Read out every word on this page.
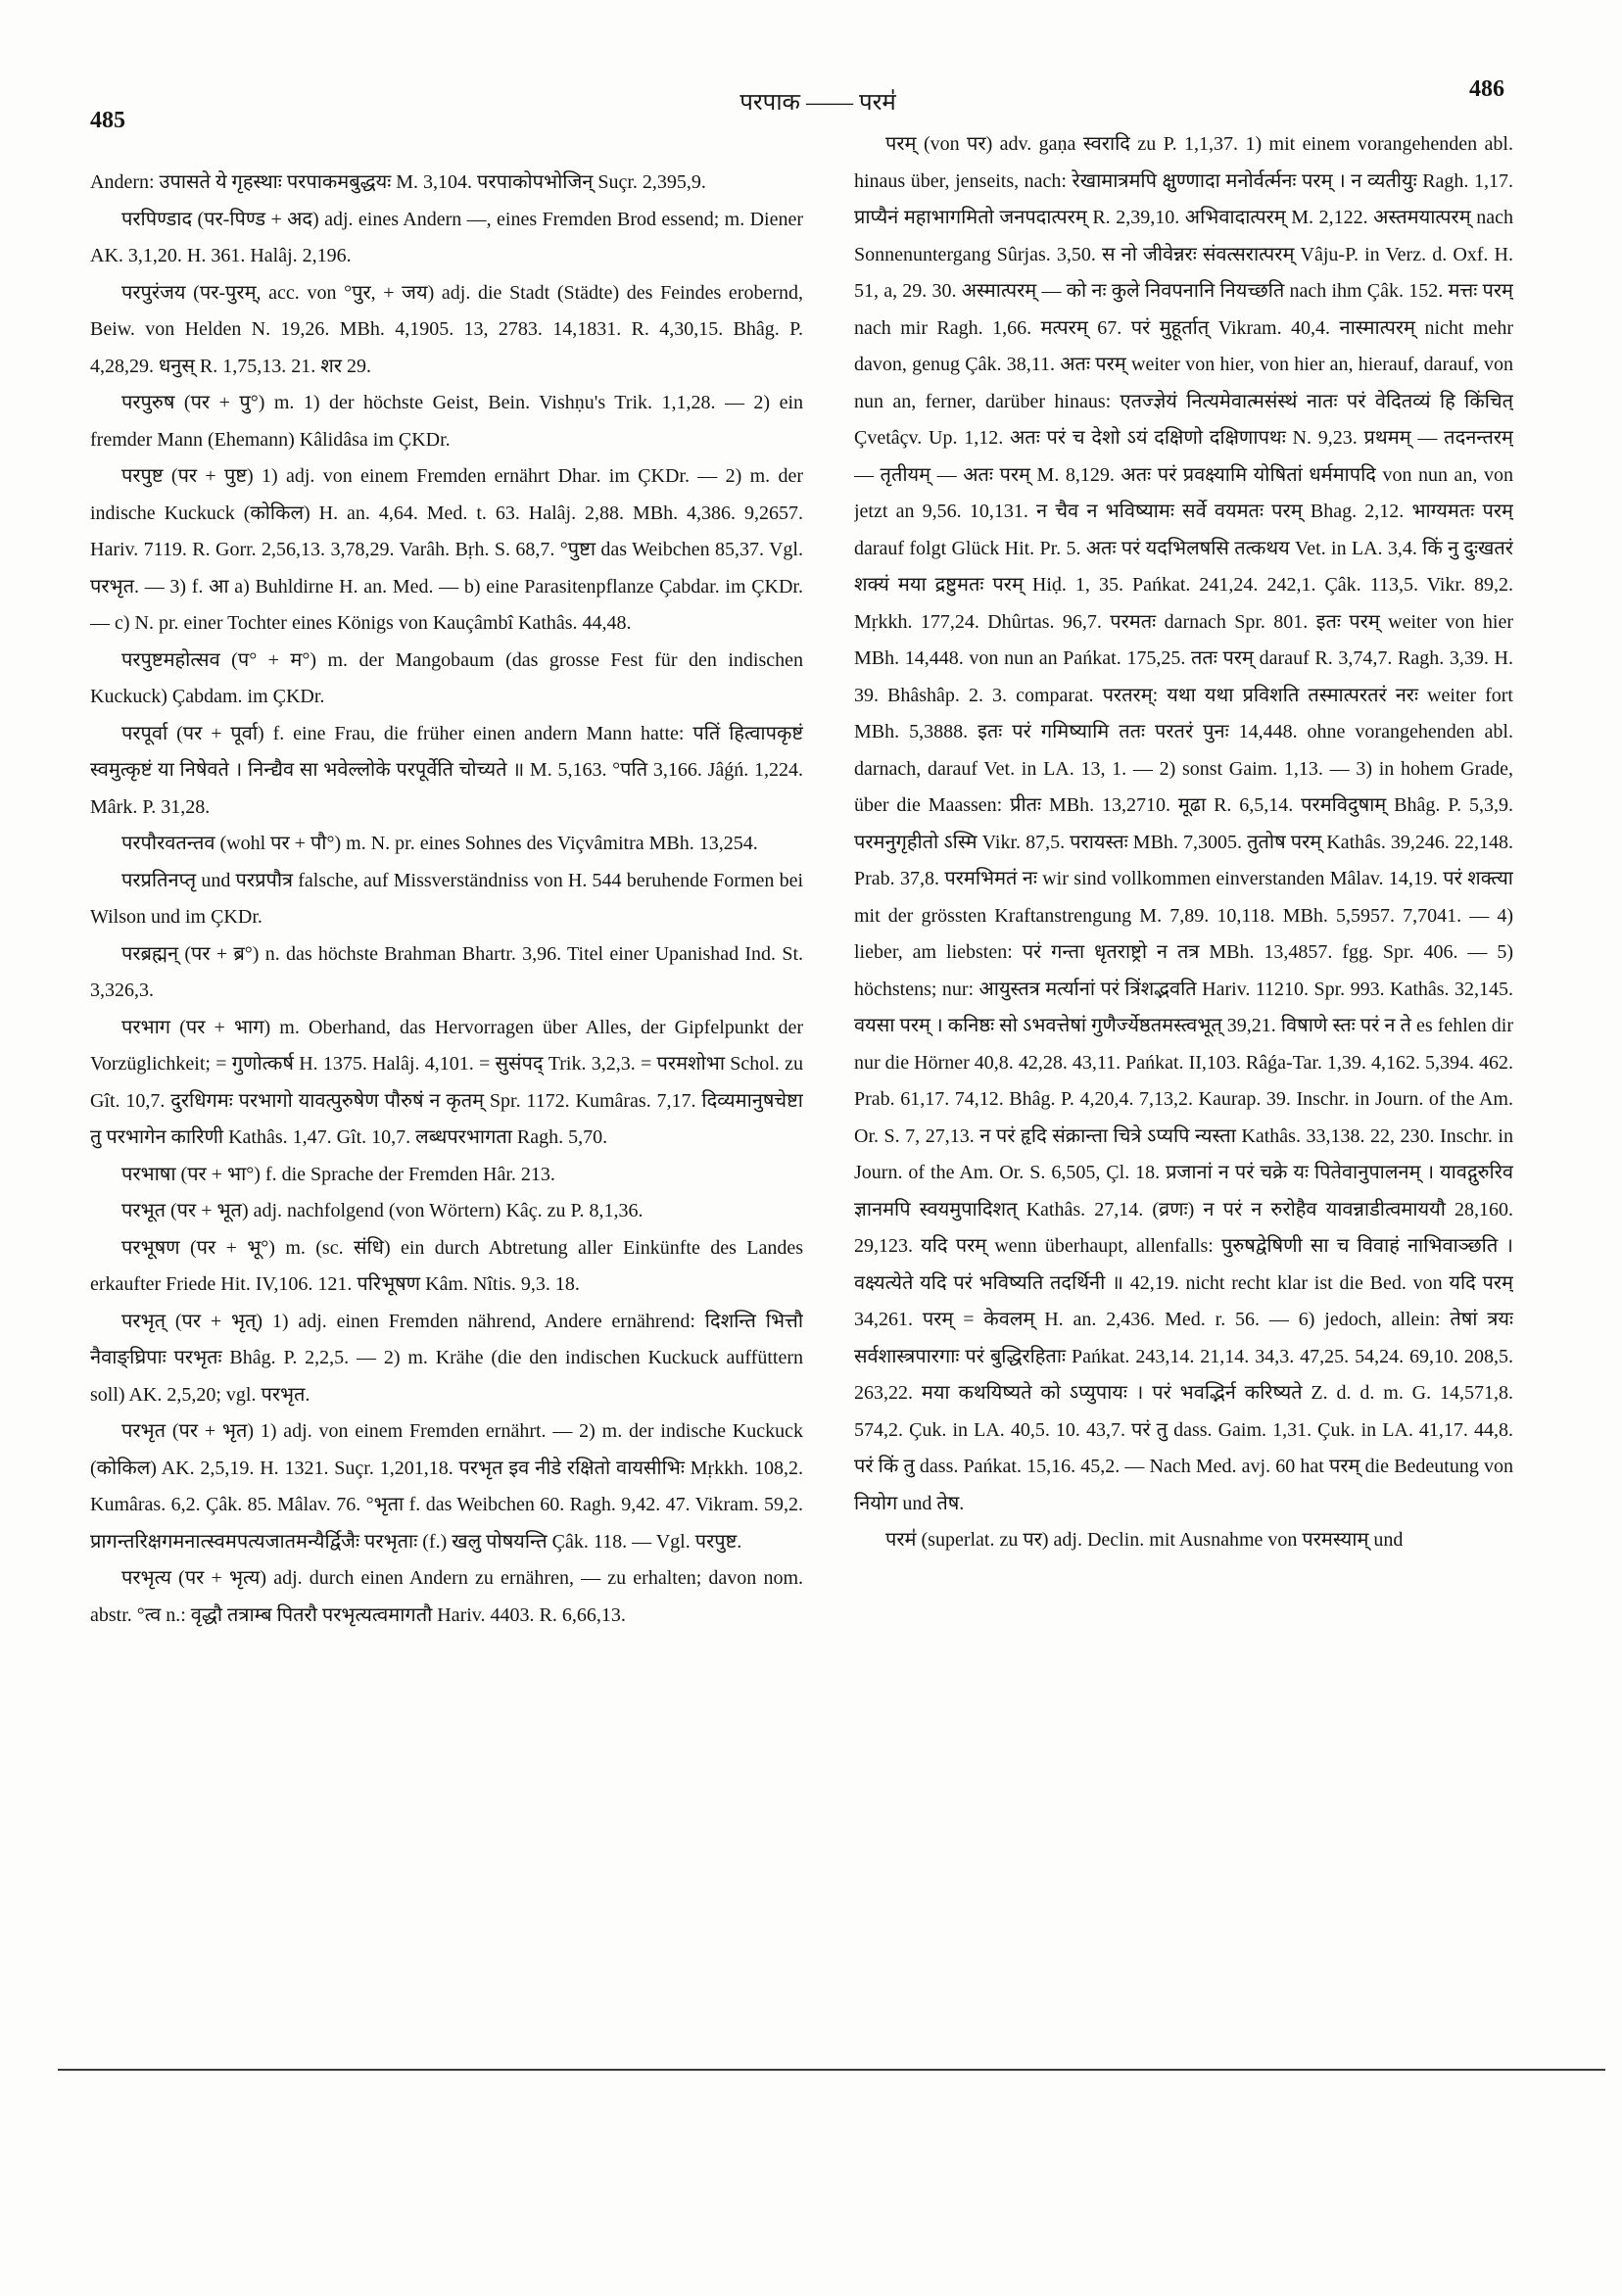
485
परपाक —— परम॑
486

Andern: उपासते ये गृहस्थाः परपाकमबुद्धयः M. 3,104. परपाकोपभोजिन् Suçr. 2,395,9.

परपिण्डाद (पर-पिण्ड + अद) adj. eines Andern —, eines Fremden Brod essend; m. Diener AK. 3,1,20. H. 361. Halâj. 2,196.

परपुरंजय (पर-पुरम्, acc. von °पुर, + जय) adj. die Stadt (Städte) des Feindes erobernd, Beiw. von Helden N. 19,26. MBh. 4,1905. 13, 2783. 14,1831. R. 4,30,15. Bhâg. P. 4,28,29. धनुस् R. 1,75,13. 21. शर 29.

परपुरुष (पर + पु°) m. 1) der höchste Geist, Bein. Vishṇu's Trik. 1,1,28. — 2) ein fremder Mann (Ehemann) Kâlidâsa im ÇKDr.

परपुष्ट (पर + पुष्ट) 1) adj. von einem Fremden ernährt Dhar. im ÇKDr. — 2) m. der indische Kuckuck (कोकिल) H. an. 4,64. Med. t. 63. Halâj. 2,88. MBh. 4,386. 9,2657. Hariv. 7119. R. Gorr. 2,56,13. 3,78,29. Varâh. Bṛh. S. 68,7. °पुष्टा das Weibchen 85,37. Vgl. परभृत. — 3) f. आ a) Buhldirne H. an. Med. — b) eine Parasitenpflanze Çabdar. im ÇKDr. — c) N. pr. einer Tochter eines Königs von Kauçâmbî Kathâs. 44,48.

परपुष्टमहोत्सव (प° + म°) m. der Mangobaum (das grosse Fest für den indischen Kuckuck) Çabdam. im ÇKDr.

परपूर्वा (पर + पूर्वा) f. eine Frau, die früher einen andern Mann hatte: पतिं हित्वापकृष्टं स्वमुत्कृष्टं या निषेवते । निन्द्यैव सा भवेल्लोके परपूर्वेति चोच्यते ॥ M. 5,163. °पति 3,166. Jâǵń. 1,224. Mârk. P. 31,28.

परपौरवतन्तव (wohl पर + पौ°) m. N. pr. eines Sohnes des Viçvâmitra MBh. 13,254.

परप्रतिनप्तृ und परप्रपौत्र falsche, auf Missverständniss von H. 544 beruhende Formen bei Wilson und im ÇKDr.

परब्रह्मन् (पर + ब्र°) n. das höchste Brahman Bhartr. 3,96. Titel einer Upanishad Ind. St. 3,326,3.

परभाग (पर + भाग) m. Oberhand, das Hervorragen über Alles, der Gipfelpunkt der Vorzüglichkeit; = गुणोत्कर्ष H. 1375. Halâj. 4,101. = सुसंपद् Trik. 3,2,3. = परमशोभा Schol. zu Gît. 10,7. दुरधिगमः परभागो यावत्पुरुषेण पौरुषं न कृतम् Spr. 1172. Kumâras. 7,17. दिव्यमानुषचेष्टा तु परभागेन कारिणी Kathâs. 1,47. Gît. 10,7. लब्धपरभागता Ragh. 5,70.

परभाषा (पर + भा°) f. die Sprache der Fremden Hâr. 213.

परभूत (पर + भूत) adj. nachfolgend (von Wörtern) Kâç. zu P. 8,1,36.

परभूषण (पर + भू°) m. (sc. संधि) ein durch Abtretung aller Einkünfte des Landes erkaufter Friede Hit. IV,106. 121. परिभूषण Kâm. Nîtis. 9,3. 18.

परभृत् (पर + भृत्) 1) adj. einen Fremden nährend, Andere ernährend: दिशन्ति भित्तौ नैवाङ्घ्रिपाः परभृतः Bhâg. P. 2,2,5. — 2) m. Krähe (die den indischen Kuckuck auffüttern soll) AK. 2,5,20; vgl. परभृत.

परभृत (पर + भृत) 1) adj. von einem Fremden ernährt. — 2) m. der indische Kuckuck (कोकिल) AK. 2,5,19. H. 1321. Suçr. 1,201,18. परभृत इव नीडे रक्षितो वायसीभिः Mṛkkh. 108,2. Kumâras. 6,2. Çâk. 85. Mâlav. 76. °भृता f. das Weibchen 60. Ragh. 9,42. 47. Vikram. 59,2. प्रागन्तरिक्षगमनात्स्वमपत्यजातमन्यैर्द्विजैः परभृताः (f.) खलु पोषयन्ति Çâk. 118. — Vgl. परपुष्ट.

परभृत्य (पर + भृत्य) adj. durch einen Andern zu ernähren, — zu erhalten; davon nom. abstr. °त्व n.: वृद्धौ तत्राम्ब पितरौ परभृत्यत्वमागतौ Hariv. 4403. R. 6,66,13.

परम् (von पर) adv. gaṇa स्वरादि zu P. 1,1,37. 1) mit einem vorangehenden abl. hinaus über, jenseits, nach: रेखामात्रमपि क्षुण्णादा मनोर्वर्त्मनः परम् । न व्यतीयुः Ragh. 1,17. प्राप्यैनं महाभागमितो जनपदात्परम् R. 2,39,10. अभिवादात्परम् M. 2,122. अस्तमयात्परम् nach Sonnenuntergang Sûrjas. 3,50. स नो जीवेन्नरः संवत्सरात्परम् Vâju-P. in Verz. d. Oxf. H. 51, a, 29. 30. अस्मात्परम् — को नः कुले निवपनानि नियच्छति nach ihm Çâk. 152. मत्तः परम् nach mir Ragh. 1,66. मत्परम् 67. परं मुहूर्तात् Vikram. 40,4. नास्मात्परम् nicht mehr davon, genug Çâk. 38,11. अतः परम् weiter von hier, von hier an, hierauf, darauf, von nun an, ferner, darüber hinaus: एतज्ज्ञेयं नित्यमेवात्मसंस्थं नातः परं वेदितव्यं हि किंचित् Çvetâçv. Up. 1,12. अतः परं च देशो ऽयं दक्षिणो दक्षिणापथः N. 9,23. प्रथमम् — तदनन्तरम् — तृतीयम् — अतः परम् M. 8,129. अतः परं प्रवक्ष्यामि योषितां धर्ममापदि von nun an, von jetzt an 9,56. 10,131. न चैव न भविष्यामः सर्वे वयमतः परम् Bhag. 2,12. भाग्यमतः परम् darauf folgt Glück Hit. Pr. 5. अतः परं यदभिलषसि तत्कथय Vet. in LA. 3,4. किं नु दुःखतरं शक्यं मया द्रष्टुमतः परम् Hiḍ. 1, 35. Pańkat. 241,24. 242,1. Çâk. 113,5. Vikr. 89,2. Mṛkkh. 177,24. Dhûrtas. 96,7. परमतः darnach Spr. 801. इतः परम् weiter von hier MBh. 14,448. von nun an Pańkat. 175,25. ततः परम् darauf R. 3,74,7. Ragh. 3,39. H. 39. Bhâshâp. 2. 3. comparat. परतरम्: यथा यथा प्रविशति तस्मात्परतरं नरः weiter fort MBh. 5,3888. इतः परं गमिष्यामि ततः परतरं पुनः 14,448. ohne vorangehenden abl. darnach, darauf Vet. in LA. 13, 1. — 2) sonst Gaim. 1,13. — 3) in hohem Grade, über die Maassen: प्रीतः MBh. 13,2710. मूढा R. 6,5,14. परमविदुषाम् Bhâg. P. 5,3,9. परमनुगृहीतो ऽस्मि Vikr. 87,5. परायस्तः MBh. 7,3005. तुतोष परम् Kathâs. 39,246. 22,148. Prab. 37,8. परमभिमतं नः wir sind vollkommen einverstanden Mâlav. 14,19. परं शक्त्या mit der grössten Kraftanstrengung M. 7,89. 10,118. MBh. 5,5957. 7,7041. — 4) lieber, am liebsten: परं गन्ता धृतराष्ट्रो न तत्र MBh. 13,4857. fgg. Spr. 406. — 5) höchstens; nur: आयुस्तत्र मर्त्यानां परं त्रिंशद्भवति Hariv. 11210. Spr. 993. Kathâs. 32,145. वयसा परम् । कनिष्ठः सो ऽभवत्तेषां गुणैर्ज्येष्ठतमस्त्वभूत् 39,21. विषाणे स्तः परं न ते es fehlen dir nur die Hörner 40,8. 42,28. 43,11. Pańkat. II,103. Râǵa-Tar. 1,39. 4,162. 5,394. 462. Prab. 61,17. 74,12. Bhâg. P. 4,20,4. 7,13,2. Kaurap. 39. Inschr. in Journ. of the Am. Or. S. 7, 27,13. न परं हृदि संक्रान्ता चित्रे ऽप्यपि न्यस्ता Kathâs. 33,138. 22, 230. Inschr. in Journ. of the Am. Or. S. 6,505, Çl. 18. प्रजानां न परं चक्रे यः पितेवानुपालनम् । यावद्गुरुरिव ज्ञानमपि स्वयमुपादिशत् Kathâs. 27,14. (व्रणः) न परं न रुरोहैव यावन्नाडीत्वमाययौ 28,160. 29,123. यदि परम् wenn überhaupt, allenfalls: पुरुषद्वेषिणी सा च विवाहं नाभिवाञ्छति । वक्ष्यत्येते यदि परं भविष्यति तदर्थिनी ॥ 42,19. nicht recht klar ist die Bed. von यदि परम् 34,261. परम् = केवलम् H. an. 2,436. Med. r. 56. — 6) jedoch, allein: तेषां त्रयः सर्वशास्त्रपारगाः परं बुद्धिरहिताः Pańkat. 243,14. 21,14. 34,3. 47,25. 54,24. 69,10. 208,5. 263,22. मया कथयिष्यते को ऽप्युपायः । परं भवद्भिर्न करिष्यते Z. d. d. m. G. 14,571,8. 574,2. Çuk. in LA. 40,5. 10. 43,7. परं तु dass. Gaim. 1,31. Çuk. in LA. 41,17. 44,8. परं किं तु dass. Pańkat. 15,16. 45,2. — Nach Med. avj. 60 hat परम् die Bedeutung von नियोग und तेष.

परम॑ (superlat. zu पर) adj. Declin. mit Ausnahme von परमस्याम् und
